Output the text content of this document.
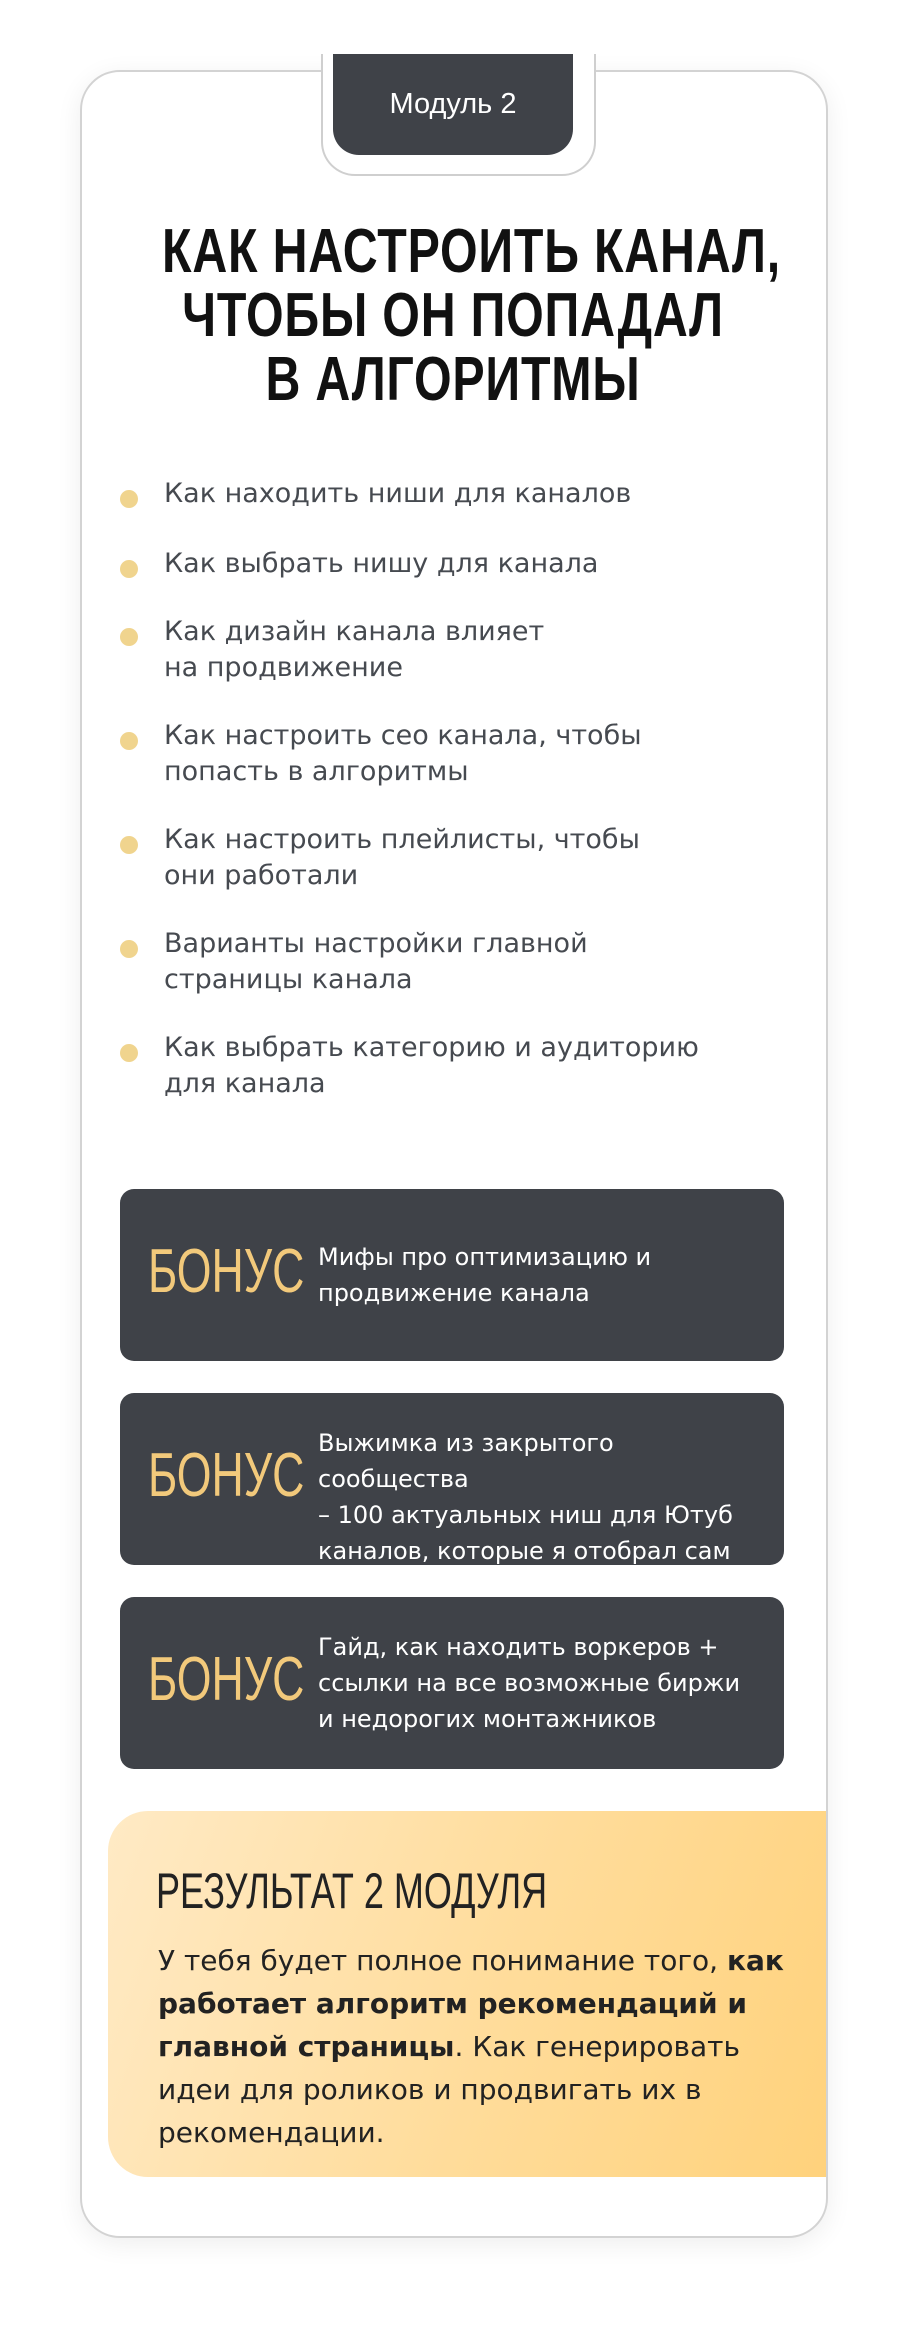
Модуль 2
КАК НАСТРОИТЬ КАНАЛ,
ЧТОБЫ ОН ПОПАДАЛ
В АЛГОРИТМЫ
Как находить ниши для каналов
Как выбрать нишу для канала
Как дизайн канала влияет
на продвижение
Как настроить сео канала, чтобы
попасть в алгоритмы
Как настроить плейлисты, чтобы
они работали
Варианты настройки главной
страницы канала
Как выбрать категорию и аудиторию
для канала
БОНУС Мифы про оптимизацию и
продвижение канала
БОНУС Выжимка из закрытого сообщества
– 100 актуальных ниш для Ютуб
каналов, которые я отобрал сам
БОНУС Гайд, как находить воркеров +
ссылки на все возможные биржи
и недорогих монтажников
РЕЗУЛЬТАТ 2 МОДУЛЯ
У тебя будет полное понимание того, как работает алгоритм рекомендаций и главной страницы. Как генерировать идеи для роликов и продвигать их в рекомендации.
